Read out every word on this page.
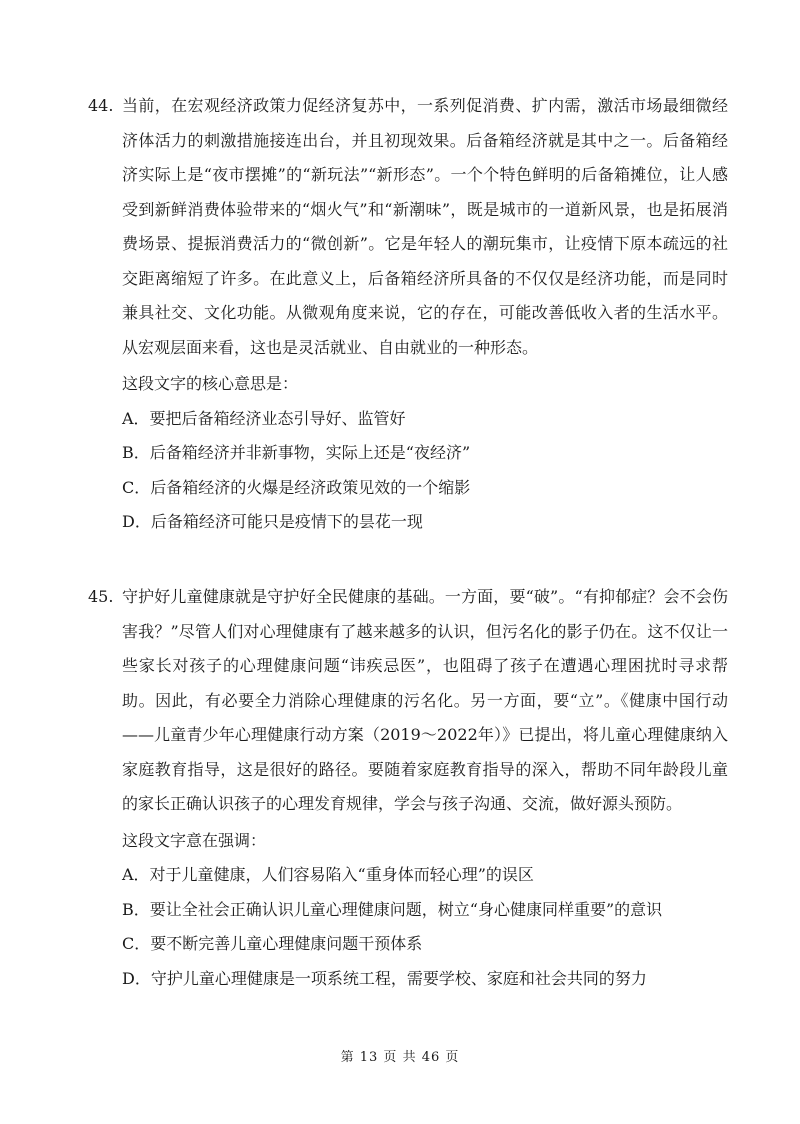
44. 当前，在宏观经济政策力促经济复苏中，一系列促消费、扩内需，激活市场最细微经济体活力的刺激措施接连出台，并且初现效果。后备箱经济就是其中之一。后备箱经济实际上是“夜市摆摊”的“新玩法”“新形态”。一个个特色鲜明的后备箱摊位，让人感受到新鲜消费体验带来的“烟火气”和“新潮味”，既是城市的一道新风景，也是拓展消费场景、提振消费活力的“微创新”。它是年轻人的潮玩集市，让疫情下原本疏远的社交距离缩短了许多。在此意义上，后备箱经济所具备的不仅仅是经济功能，而是同时兼具社交、文化功能。从微观角度来说，它的存在，可能改善低收入者的生活水平。从宏观层面来看，这也是灵活就业、自由就业的一种形态。

这段文字的核心意思是：

A．要把后备箱经济业态引导好、监管好

B．后备箱经济并非新事物，实际上还是“夜经济”

C．后备箱经济的火爆是经济政策见效的一个缩影

D．后备箱经济可能只是疫情下的昙花一现

45. 守护好儿童健康就是守护好全民健康的基础。一方面，要“破”。“有抑郁症？会不会伤害我？”尽管人们对心理健康有了越来越多的认识，但污名化的影子仍在。这不仅让一些家长对孩子的心理健康问题“讳疾忌医”，也阻碍了孩子在遭遇心理困扰时寻求帮助。因此，有必要全力消除心理健康的污名化。另一方面，要“立”。《健康中国行动——儿童青少年心理健康行动方案（2019～2022年）》已提出，将儿童心理健康纳入家庭教育指导，这是很好的路径。要随着家庭教育指导的深入，帮助不同年龄段儿童的家长正确认识孩子的心理发育规律，学会与孩子沟通、交流，做好源头预防。

这段文字意在强调：

A．对于儿童健康，人们容易陷入“重身体而轻心理”的误区

B．要让全社会正确认识儿童心理健康问题，树立“身心健康同样重要”的意识

C．要不断完善儿童心理健康问题干预体系

D．守护儿童心理健康是一项系统工程，需要学校、家庭和社会共同的努力

第 13 页 共 46 页
